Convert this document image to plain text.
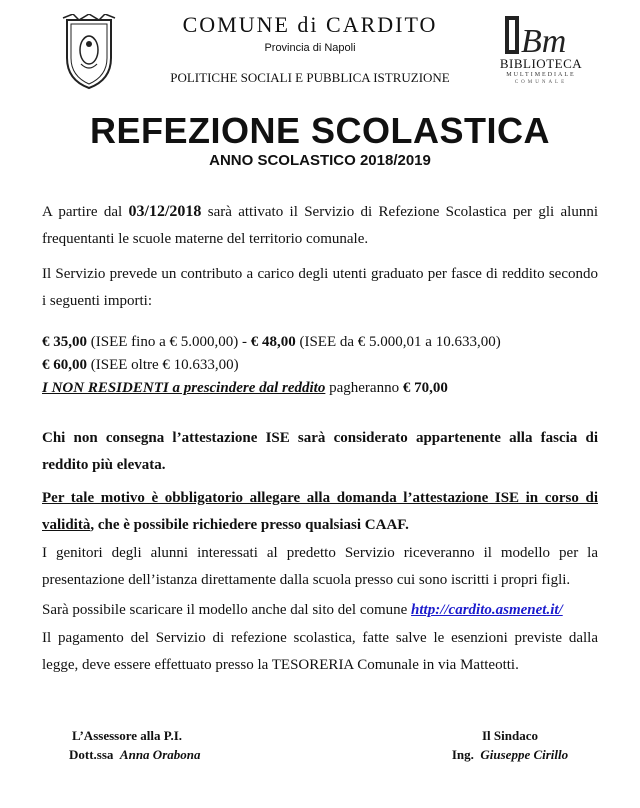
COMUNE di CARDITO
Provincia di Napoli
POLITICHE SOCIALI E PUBBLICA ISTRUZIONE
Bm
BIBLIOTECA
MULTIMEDIALE
COMUNALE
REFEZIONE SCOLASTICA
ANNO SCOLASTICO 2018/2019
A partire dal 03/12/2018 sarà attivato il Servizio di Refezione Scolastica per gli alunni frequentanti le scuole materne del territorio comunale.
Il Servizio prevede un contributo a carico degli utenti graduato per fasce di reddito secondo i seguenti importi:
€ 35,00 (ISEE fino a € 5.000,00) - € 48,00 (ISEE da € 5.000,01 a 10.633,00)
€ 60,00 (ISEE oltre € 10.633,00)
I NON RESIDENTI a prescindere dal reddito pagheranno € 70,00
Chi non consegna l’attestazione ISE sarà considerato appartenente alla fascia di reddito più elevata.
Per tale motivo è obbligatorio allegare alla domanda l’attestazione ISE in corso di validità, che è possibile richiedere presso qualsiasi CAAF.
I genitori degli alunni interessati al predetto Servizio riceveranno il modello per la presentazione dell’istanza direttamente dalla scuola presso cui sono iscritti i propri figli.
Sarà possibile scaricare il modello anche dal sito del comune http://cardito.asmenet.it/
Il pagamento del Servizio di refezione scolastica, fatte salve le esenzioni previste dalla legge, deve essere effettuato presso la TESORERIA Comunale in via Matteotti.
L’Assessore alla P.I.
Dott.ssa Anna Orabona
Il Sindaco
Ing. Giuseppe Cirillo
